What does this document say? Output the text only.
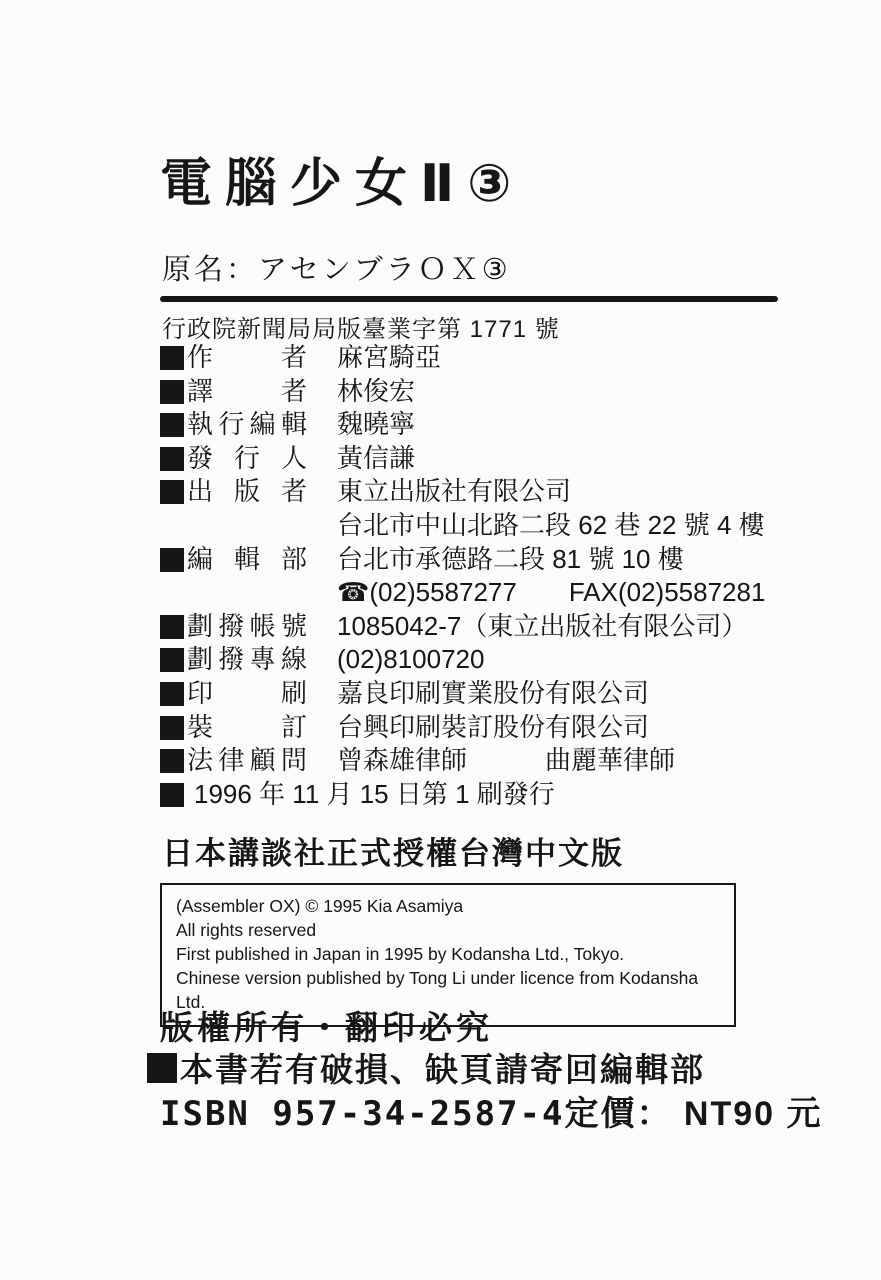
電腦少女Ⅱ③
原名：アセンブラＯＸ③
行政院新聞局局版臺業字第 1771 號
作者 麻宮騎亞
譯者 林俊宏
執行編輯 魏曉寧
發行人 黃信謙
出版者 東立出版社有限公司
台北市中山北路二段 62 巷 22 號 4 樓
編輯部 台北市承德路二段 81 號 10 樓
☎(02)5587277　　FAX(02)5587281
劃撥帳號 1085042-7（東立出版社有限公司）
劃撥專線 (02)8100720
印刷 嘉良印刷實業股份有限公司
裝訂 台興印刷裝訂股份有限公司
法律顧問 曾森雄律師　　　曲麗華律師
1996 年 11 月 15 日第 1 刷發行
日本講談社正式授權台灣中文版
(Assembler OX) © 1995 Kia Asamiya
All rights reserved
First published in Japan in 1995 by Kodansha Ltd., Tokyo.
Chinese version published by Tong Li under licence from Kodansha Ltd.
版權所有・翻印必究
本書若有破損、缺頁請寄回編輯部
ISBN 957-34-2587-4 定價： NT90 元
